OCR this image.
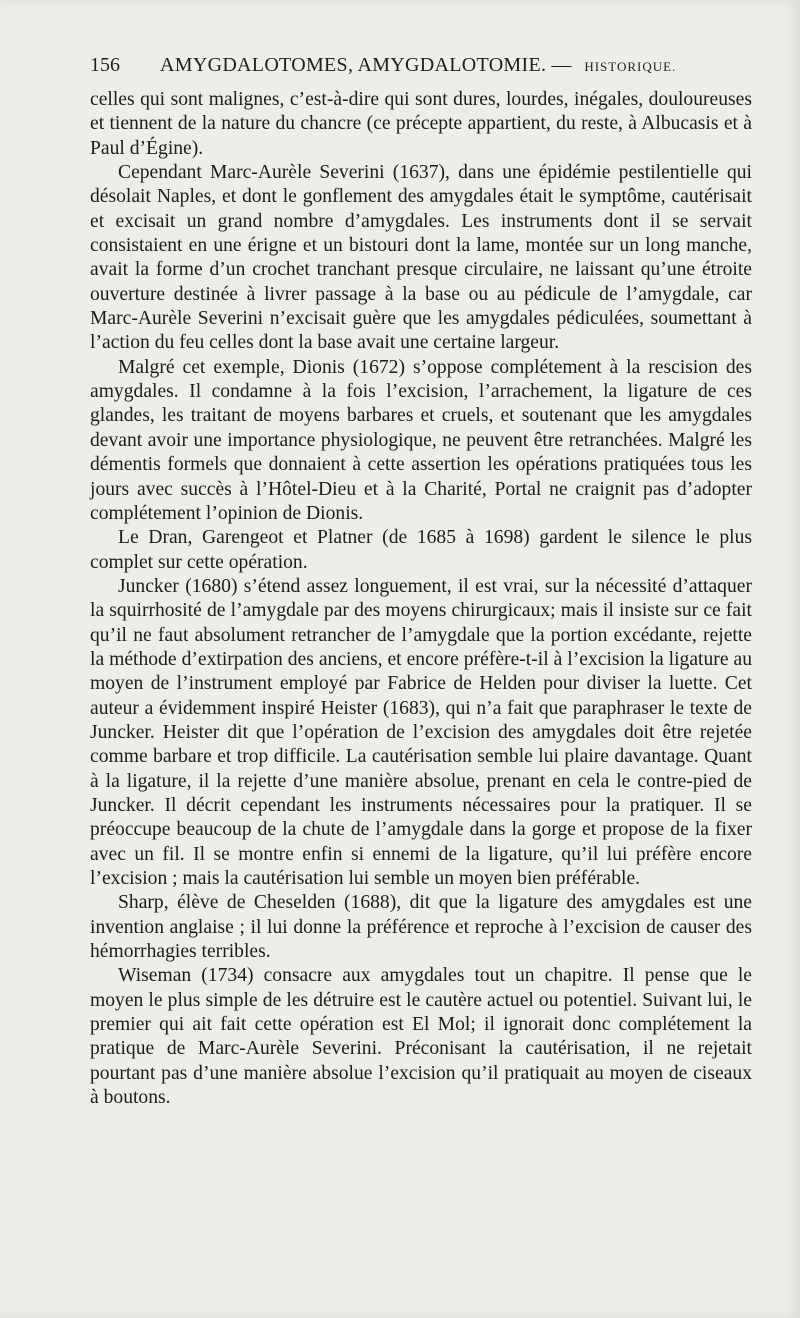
156 AMYGDALOTOMES, AMYGDALOTOMIE. — HISTORIQUE.

celles qui sont malignes, c’est-à-dire qui sont dures, lourdes, inégales, douloureuses et tiennent de la nature du chancre (ce précepte appartient, du reste, à Albucasis et à Paul d’Égine).

Cependant Marc-Aurèle Severini (1637), dans une épidémie pestilentielle qui désolait Naples, et dont le gonflement des amygdales était le symptôme, cautérisait et excisait un grand nombre d’amygdales. Les instruments dont il se servait consistaient en une érigne et un bistouri dont la lame, montée sur un long manche, avait la forme d’un crochet tranchant presque circulaire, ne laissant qu’une étroite ouverture destinée à livrer passage à la base ou au pédicule de l’amygdale, car Marc-Aurèle Severini n’excisait guère que les amygdales pédiculées, soumettant à l’action du feu celles dont la base avait une certaine largeur.

Malgré cet exemple, Dionis (1672) s’oppose complétement à la rescision des amygdales. Il condamne à la fois l’excision, l’arrachement, la ligature de ces glandes, les traitant de moyens barbares et cruels, et soutenant que les amygdales devant avoir une importance physiologique, ne peuvent être retranchées. Malgré les démentis formels que donnaient à cette assertion les opérations pratiquées tous les jours avec succès à l’Hôtel-Dieu et à la Charité, Portal ne craignit pas d’adopter complétement l’opinion de Dionis.

Le Dran, Garengeot et Platner (de 1685 à 1698) gardent le silence le plus complet sur cette opération.

Juncker (1680) s’étend assez longuement, il est vrai, sur la nécessité d’attaquer la squirrhosité de l’amygdale par des moyens chirurgicaux; mais il insiste sur ce fait qu’il ne faut absolument retrancher de l’amygdale que la portion excédante, rejette la méthode d’extirpation des anciens, et encore préfère-t-il à l’excision la ligature au moyen de l’instrument employé par Fabrice de Helden pour diviser la luette. Cet auteur a évidemment inspiré Heister (1683), qui n’a fait que paraphraser le texte de Juncker. Heister dit que l’opération de l’excision des amygdales doit être rejetée comme barbare et trop difficile. La cautérisation semble lui plaire davantage. Quant à la ligature, il la rejette d’une manière absolue, prenant en cela le contre-pied de Juncker. Il décrit cependant les instruments nécessaires pour la pratiquer. Il se préoccupe beaucoup de la chute de l’amygdale dans la gorge et propose de la fixer avec un fil. Il se montre enfin si ennemi de la ligature, qu’il lui préfère encore l’excision ; mais la cautérisation lui semble un moyen bien préférable.

Sharp, élève de Cheselden (1688), dit que la ligature des amygdales est une invention anglaise ; il lui donne la préférence et reproche à l’excision de causer des hémorrhagies terribles.

Wiseman (1734) consacre aux amygdales tout un chapitre. Il pense que le moyen le plus simple de les détruire est le cautère actuel ou potentiel. Suivant lui, le premier qui ait fait cette opération est El Mol; il ignorait donc complétement la pratique de Marc-Aurèle Severini. Préconisant la cautérisation, il ne rejetait pourtant pas d’une manière absolue l’excision qu’il pratiquait au moyen de ciseaux à boutons.
